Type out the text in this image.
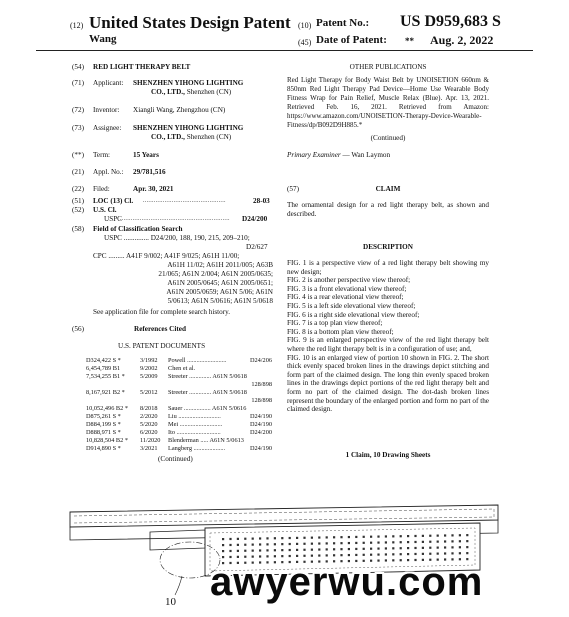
(12) United States Design Patent
Wang
(10) Patent No.: US D959,683 S
(45) Date of Patent: ** Aug. 2, 2022
(54) RED LIGHT THERAPY BELT
(71) Applicant: SHENZHEN YIHONG LIGHTING
CO., LTD., Shenzhen (CN)
(72) Inventor: Xiangli Wang, Zhengzhou (CN)
(73) Assignee: SHENZHEN YIHONG LIGHTING
CO., LTD., Shenzhen (CN)
(**) Term:	15 Years
(21) Appl. No.: 29/781,516
(22) Filed:	Apr. 30, 2021
(51) LOC (13) Cl. ..............................................	28-03
(52) U.S. Cl.
USPC
............................................................. D24/200
(58) Field of Classification Search
USPC .............. D24/200, 188, 190, 215, 209–210;
D2/627
CPC ......... A41F 9/002; A41F 9/025; A61H 11/00;
A61H 11/02; A61H 2011/005; A63B
21/065; A61N 2/004; A61N 2005/0635;
A61N 2005/0645; A61N 2005/0651;
A61N 2005/0659; A61N 5/06; A61N
5/0613; A61N 5/0616; A61N 5/0618
See application file for complete search history.
(56)	References Cited
U.S. PATENT DOCUMENTS
D324,422 S *	3/1992 Powell .........................	D24/206
6,454,789 B1	9/2002 Chen et al.
7,534,255 B1 * 5/2009 Streeter .............. A61N 5/0618
128/898
8,167,921 B2 * 5/2012 Streeter .............. A61N 5/0618
128/898
10,052,496 B2 * 8/2018 Sauer ................. A61N 5/0616
D875,261 S *	2/2020 Liu ...........................	D24/190
D884,199 S *	5/2020 Mei ...........................	D24/190
D888,971 S *	6/2020 Ito ............................	D24/200
10,828,504 B2 * 11/2020 Blenderman ..... A61N 5/0613
D914,890 S *	3/2021 Langberg ....................	D24/190
(Continued)
OTHER PUBLICATIONS
Red Light Therapy for Body Waist Belt by UNOISETION 660nm & 850nm Red Light Therapy Pad Device—Home Use Wearable Body Fitness Wrap for Pain Relief, Muscle Relax (Blue). Apr. 13, 2021. Retrieved Feb. 16, 2021. Retrieved from Amazon: https://www.amazon.com/UNOISETION-Therapy-Device-Wearable-Fitness/dp/B092D9H885.*
(Continued)
Primary Examiner — Wan Laymon
(57)	CLAIM
The ornamental design for a red light therapy belt, as shown and described.
DESCRIPTION
FIG. 1 is a perspective view of a red light therapy belt showing my new design;
FIG. 2 is another perspective view thereof;
FIG. 3 is a front elevational view thereof;
FIG. 4 is a rear elevational view thereof;
FIG. 5 is a left side elevational view thereof;
FIG. 6 is a right side elevational view thereof;
FIG. 7 is a top plan view thereof;
FIG. 8 is a bottom plan view thereof;
FIG. 9 is an enlarged perspective view of the red light therapy belt where the red light therapy belt is in a configuration of use; and,
FIG. 10 is an enlarged view of portion 10 shown in FIG. 2. The short thick evenly spaced broken lines in the drawings depict stitching and form part of the claimed design. The long thin evenly spaced broken lines in the drawings depict portions of the red light therapy belt and form no part of the claimed design. The dot-dash broken lines represent the boundary of the enlarged portion and form no part of the claimed design.
1 Claim, 10 Drawing Sheets
10 awyerwu.com
